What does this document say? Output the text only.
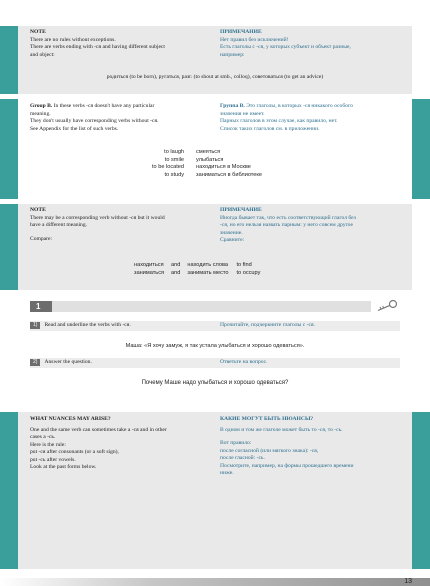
NOTE
There are no rules without exceptions.
There are verbs ending with -ся and having different subject
and object:
ПРИМЕЧАНИЕ
Нет правил без исключений!
Есть глаголы с -ся, у которых субъект и объект разные,
например:
родиться (to be born), ругаться, разг. (to shout at smb., colloq), советоваться (to get an advice)
Group B. In these verbs -ся doesn't have any particular
meaning.
They don't usually have corresponding verbs without -ся.
See Appendix for the list of such verbs.
Группа B. Это глаголы, в которых -ся никакого особого
значения не имеет.
Парных глаголов в этом случае, как правило, нет.
Список таких глаголов см. в приложении.
to laugh	смеяться
to smile	улыбаться
to be located	находиться в Москве
to study	заниматься в библиотеке
NOTE
There may be a corresponding verb without -ся but it would
have a different meaning.
Compare:
ПРИМЕЧАНИЕ
Иногда бывает так, что есть соответствующий глагол без
-ся, но его нельзя назвать парным: у него совсем другое
значение.
Сравните:
находиться	and	находить слова	to find
заниматься	and	занимать место	to occupy
1
1) Read and underline the verbs with -ся.	Прочитайте, подчеркните глаголы с -ся.
Маша: «Я хочу замуж, я так устала улыбаться и хорошо одеваться».
2) Answer the question.	Ответьте на вопрос.
Почему Маше надо улыбаться и хорошо одеваться?
WHAT NUANCES MAY ARISE?
One and the same verb can sometimes take a -ся and in other
cases a -сь.
Here is the rule:
put -ся after consonants (or a soft sign),
put -сь after vowels.
Look at the past forms below.
КАКИЕ МОГУТ БЫТЬ НЮАНСЫ?
В одном и том же глаголе может быть то -ся, то -сь.
Вот правило:
после согласной (или мягкого знака): -ся,
после гласной: -сь.
Посмотрите, например, на формы прошедшего времени
ниже.
13
